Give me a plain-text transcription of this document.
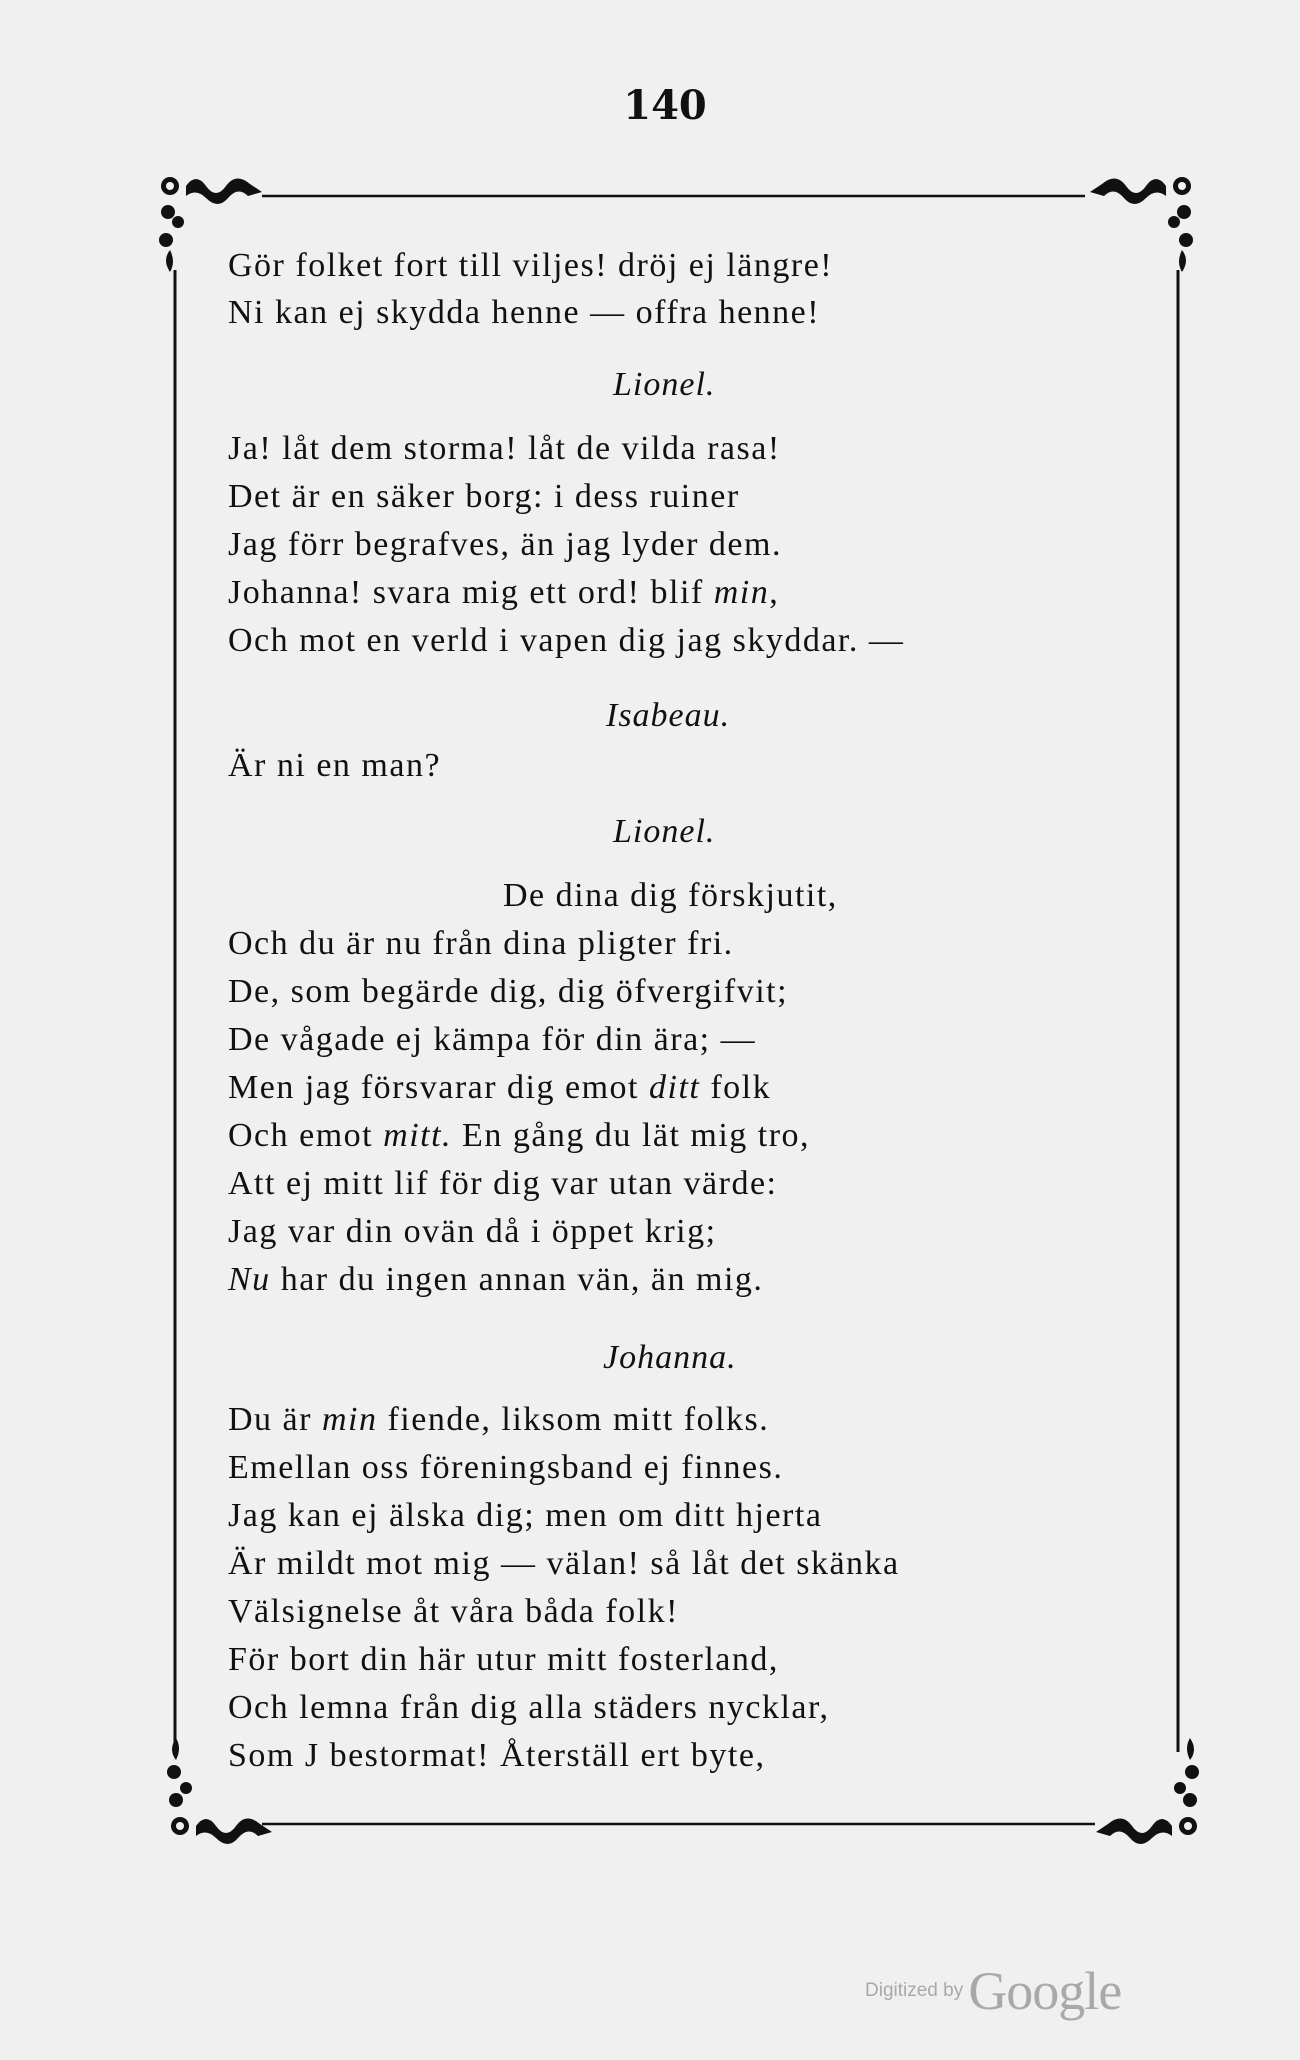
140
Gör folket fort till viljes! dröj ej längre!
Ni kan ej skydda henne — offra henne!
Lionel.
Ja! låt dem storma! låt de vilda rasa!
Det är en säker borg: i dess ruiner
Jag förr begrafves, än jag lyder dem.
Johanna! svara mig ett ord! blif min,
Och mot en verld i vapen dig jag skyddar. —
Isabeau.
Är ni en man?
Lionel.
De dina dig förskjutit,
Och du är nu från dina pligter fri.
De, som begärde dig, dig öfvergifvit;
De vågade ej kämpa för din ära; —
Men jag försvarar dig emot ditt folk
Och emot mitt. En gång du lät mig tro,
Att ej mitt lif för dig var utan värde:
Jag var din ovän då i öppet krig;
Nu har du ingen annan vän, än mig.
Johanna.
Du är min fiende, liksom mitt folks.
Emellan oss föreningsband ej finnes.
Jag kan ej älska dig; men om ditt hjerta
Är mildt mot mig — välan! så låt det skänka
Välsignelse åt våra båda folk!
För bort din här utur mitt fosterland,
Och lemna från dig alla städers nycklar,
Som J bestormat! Återställ ert byte,
Digitized by Google
